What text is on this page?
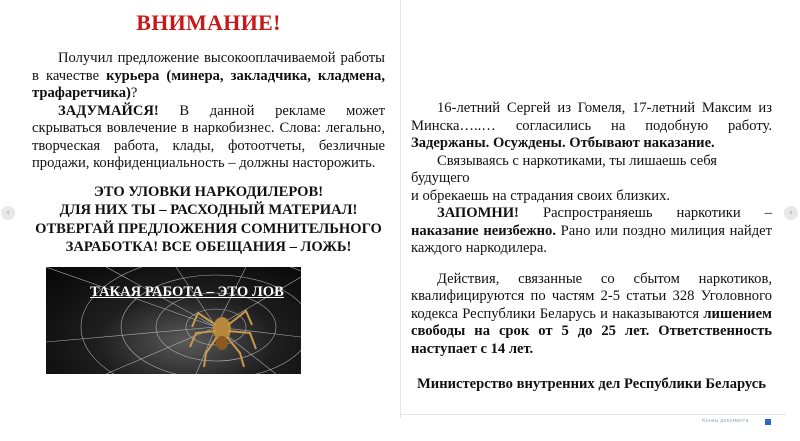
ВНИМАНИЕ!

Получил предложение высокооплачиваемой работы в качестве курьера (минера, закладчика, кладмена, трафаретчика)?

ЗАДУМАЙСЯ! В данной рекламе может скрываться вовлечение в наркобизнес. Слова: легально, творческая работа, клады, фотоотчеты, безличные продажи, конфиденциальность – должны насторожить.

ЭТО УЛОВКИ НАРКОДИЛЕРОВ!
ДЛЯ НИХ ТЫ – РАСХОДНЫЙ МАТЕРИАЛ!
ОТВЕРГАЙ ПРЕДЛОЖЕНИЯ СОМНИТЕЛЬНОГО ЗАРАБОТКА! ВСЕ ОБЕЩАНИЯ – ЛОЖЬ!
ТАКАЯ РАБОТА – ЭТО ЛОВ

16-летний Сергей из Гомеля, 17-летний Максим из Минска…..… согласились на подобную работу. Задержаны. Осуждены. Отбывают наказание.

Связываясь с наркотиками, ты лишаешь себя будущего

и обрекаешь на страдания своих близких.

ЗАПОМНИ! Распространяешь наркотики – наказание неизбежно. Рано или поздно милиция найдет каждого наркодилера.

Действия, связанные со сбытом наркотиков, квалифицируются по частям 2-5 статьи 328 Уголовного кодекса Республики Беларусь и наказываются лишением свободы на срок от 5 до 25 лет. Ответственность наступает с 14 лет.

Министерство внутренних дел Республики Беларусь
‹	›
Конец документа
